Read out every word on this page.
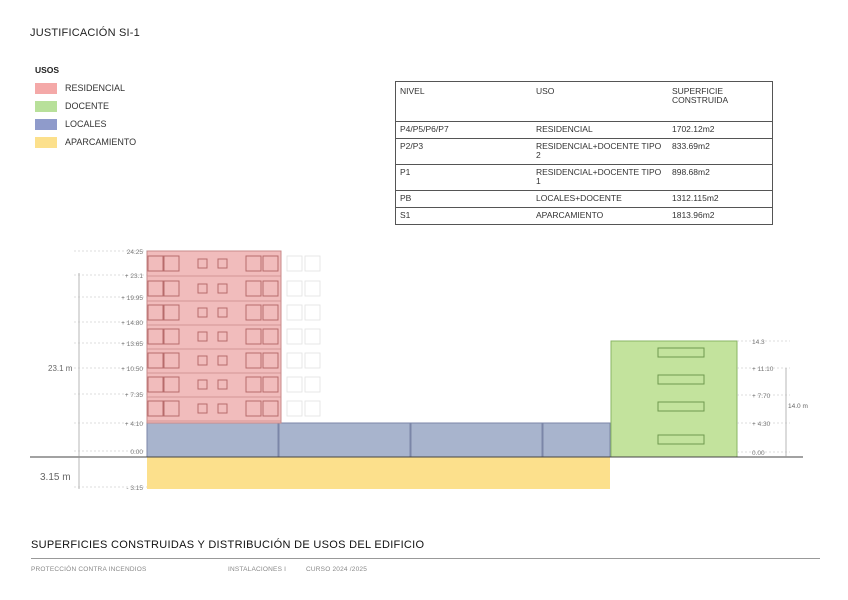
JUSTIFICACIÓN SI-1
USOS
RESIDENCIAL
DOCENTE
LOCALES
APARCAMIENTO
NIVEL	USO	SUPERFICIE CONSTRUIDA
P4/P5/P6/P7	RESIDENCIAL	1702.12m2
P2/P3	RESIDENCIAL+DOCENTE TIPO 2	833.69m2
P1	RESIDENCIAL+DOCENTE TIPO 1	898.68m2
PB	LOCALES+DOCENTE	1312.115m2
S1	APARCAMIENTO	1813.96m2
24.25
+ 23.1
+ 19.95
+ 14.80
+ 13.65
+ 10.50
+ 7.35
+ 4.10
0.00
- 3.15
23.1 m
3.15 m
14.3
+ 11.10
+ 7.70
+ 4.30
0.00
14.0 m
SUPERFICIES CONSTRUIDAS Y DISTRIBUCIÓN DE USOS DEL EDIFICIO
PROTECCIÓN CONTRA INCENDIOS	INSTALACIONES I	CURSO 2024 /2025
